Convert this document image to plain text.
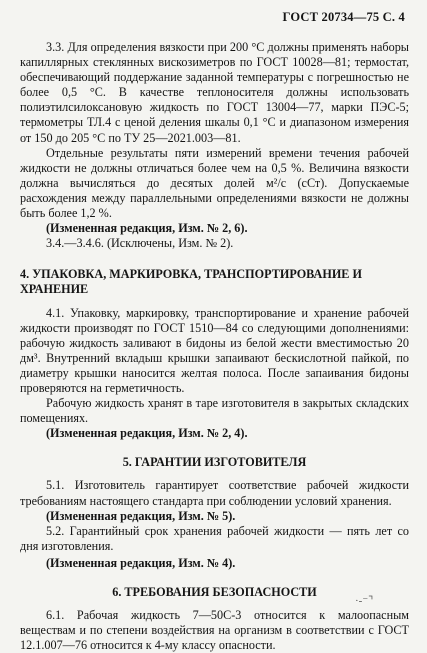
ГОСТ 20734—75 С. 4

3.3. Для определения вязкости при 200 °С должны применять наборы капиллярных стеклянных вискозиметров по ГОСТ 10028—81; термостат, обеспечивающий поддержание заданной температуры с погрешностью не более 0,5 °С. В качестве теплоносителя должны использовать полиэтилсилоксановую жидкость по ГОСТ 13004—77, марки ПЭС-5; термометры ТЛ.4 с ценой деления шкалы 0,1 °С и диапазоном измерения от 150 до 205 °С по ТУ 25—2021.003—81.

Отдельные результаты пяти измерений времени течения рабочей жидкости не должны отличаться более чем на 0,5 %. Величина вязкости должна вычисляться до десятых долей м²/с (сСт). Допускаемые расхождения между параллельными определениями вязкости не должны быть более 1,2 %.

(Измененная редакция, Изм. № 2, 6).

3.4.—3.4.6. (Исключены, Изм. № 2).

4. УПАКОВКА, МАРКИРОВКА, ТРАНСПОРТИРОВАНИЕ И ХРАНЕНИЕ

4.1. Упаковку, маркировку, транспортирование и хранение рабочей жидкости производят по ГОСТ 1510—84 со следующими дополнениями: рабочую жидкость заливают в бидоны из белой жести вместимостью 20 дм³. Внутренний вкладыш крышки запаивают бескислотной пайкой, по диаметру крышки наносится желтая полоса. После запаивания бидоны проверяются на герметичность.

Рабочую жидкость хранят в таре изготовителя в закрытых складских помещениях.

(Измененная редакция, Изм. № 2, 4).

5. ГАРАНТИИ ИЗГОТОВИТЕЛЯ

5.1. Изготовитель гарантирует соответствие рабочей жидкости требованиям настоящего стандарта при соблюдении условий хранения.

(Измененная редакция, Изм. № 5).

5.2. Гарантийный срок хранения рабочей жидкости — пять лет со дня изготовления.

(Измененная редакция, Изм. № 4).

6. ТРЕБОВАНИЯ БЕЗОПАСНОСТИ

6.1. Рабочая жидкость 7—50С-3 относится к малоопасным веществам и по степени воздействия на организм в соответствии с ГОСТ 12.1.007—76 относится к 4-му классу опасности.

·-⁻⌝
